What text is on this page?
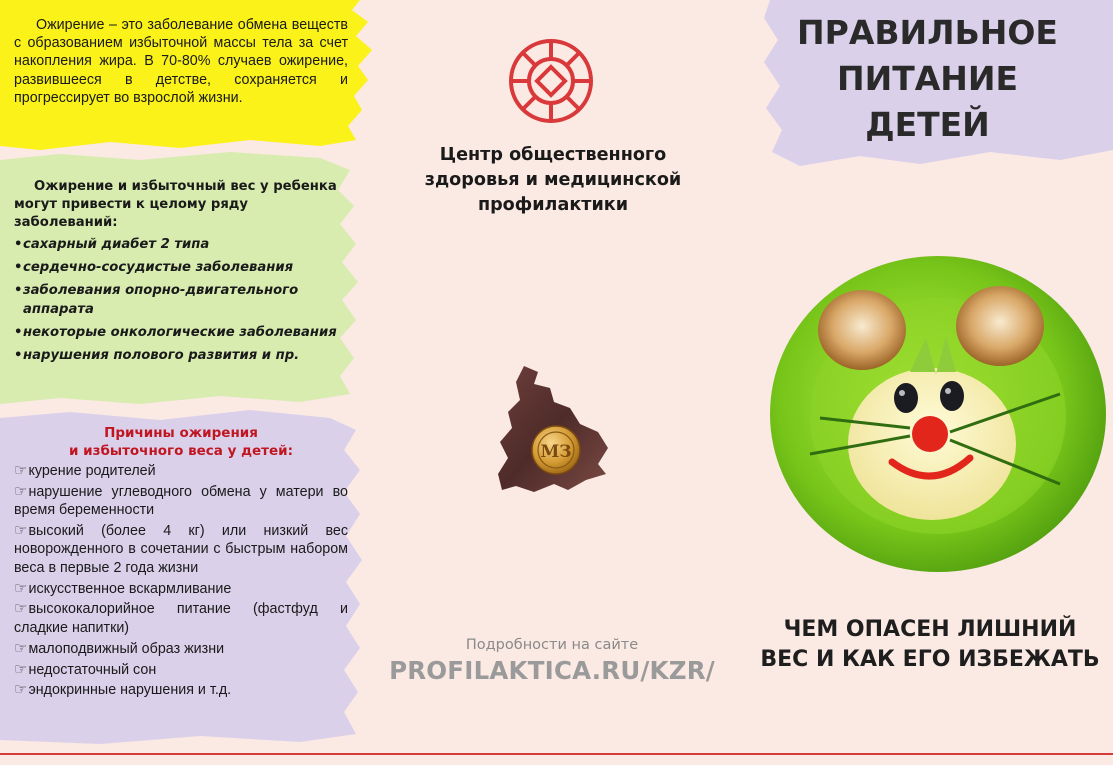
Ожирение – это заболевание обмена веществ с образованием избыточной массы тела за счет накопления жира. В 70-80% случаев ожирение, развившееся в детстве, сохраняется и прогрессирует во взрослой жизни.

Ожирение и избыточный вес у ребенка могут привести к целому ряду заболеваний:

• сахарный диабет 2 типа
• сердечно-сосудистые заболевания
• заболевания опорно-двигательного аппарата
• некоторые онкологические заболевания
• нарушения полового развития и пр.
Причины ожирения
и избыточного веса у детей:
☞курение родителей
☞нарушение углеводного обмена у матери во время беременности
☞высокий (более 4 кг) или низкий вес новорожденного в сочетании с быстрым набором веса в первые 2 года жизни
☞искусственное вскармливание
☞высококалорийное питание (фастфуд и сладкие напитки)
☞малоподвижный образ жизни
☞недостаточный сон
☞эндокринные нарушения и т.д.
Центр общественного здоровья и медицинской профилактики
МЗ
Подробности на сайте
PROFILAKTICA.RU/KZR/
ПРАВИЛЬНОЕ ПИТАНИЕ ДЕТЕЙ
ЧЕМ ОПАСЕН ЛИШНИЙ ВЕС И КАК ЕГО ИЗБЕЖАТЬ
